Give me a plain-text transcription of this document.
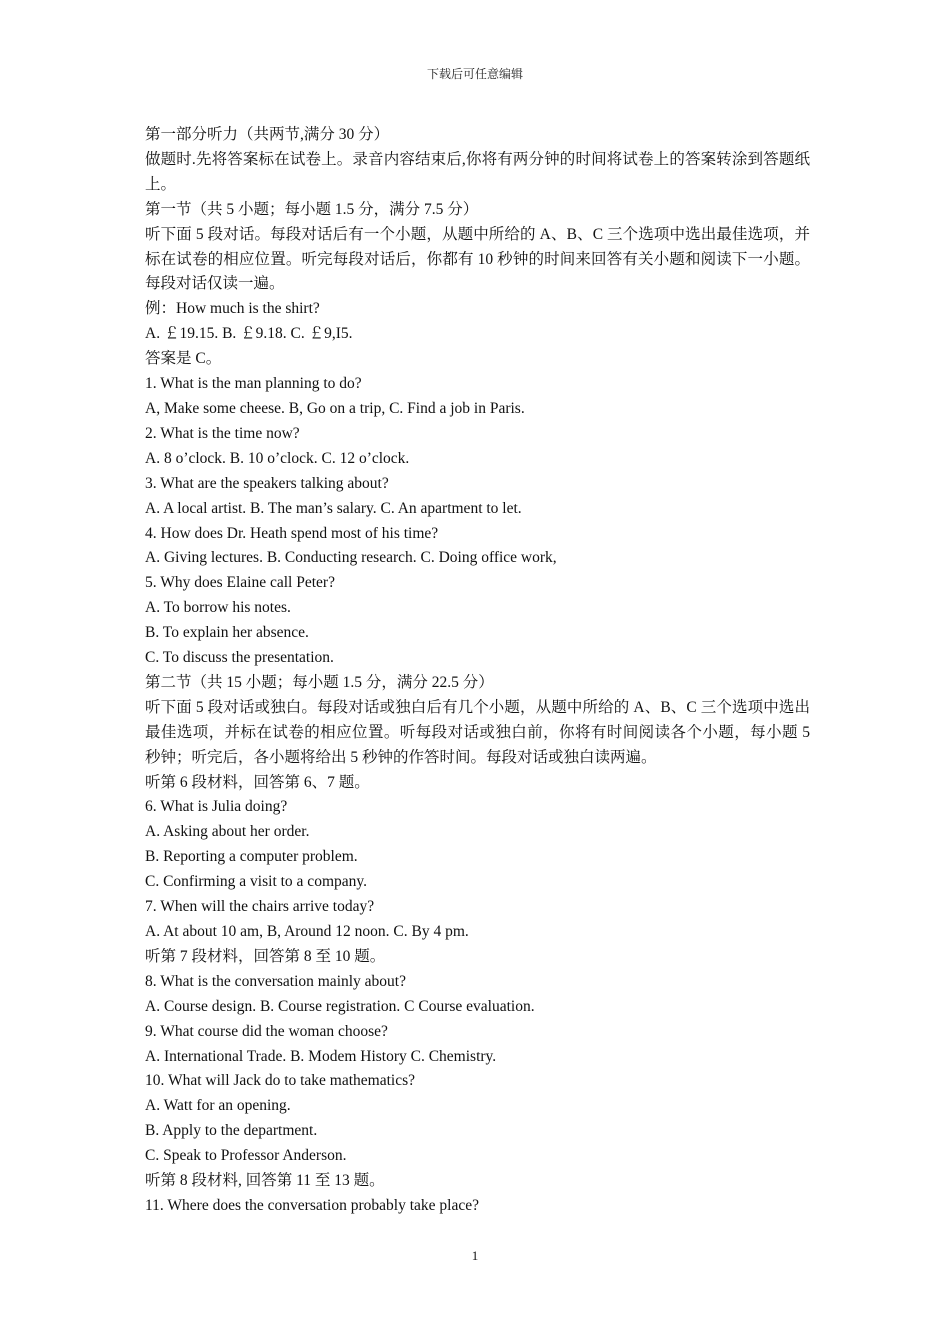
下载后可任意编辑
第一部分听力（共两节,满分 30 分）
做题时.先将答案标在试卷上。录音内容结束后,你将有两分钟的时间将试卷上的答案转涂到答题纸上。
第一节（共 5 小题；每小题 1.5 分，满分 7.5 分）
听下面 5 段对话。每段对话后有一个小题，从题中所给的 A、B、C 三个选项中选出最佳选项，并标在试卷的相应位置。听完每段对话后，你都有 10 秒钟的时间来回答有关小题和阅读下一小题。每段对话仅读一遍。
例：How much is the shirt?
A. ￡19.15. B. ￡9.18. C. ￡9,I5.
答案是 C。
1. What is the man planning to do?
A, Make some cheese. B, Go on a trip, C. Find a job in Paris.
2. What is the time now?
A. 8 o’clock. B. 10 o’clock. C. 12 o’clock.
3. What are the speakers talking about?
A. A local artist. B. The man’s salary. C. An apartment to let.
4. How does Dr. Heath spend most of his time?
A. Giving lectures. B. Conducting research. C. Doing office work,
5. Why does Elaine call Peter?
A. To borrow his notes.
B. To explain her absence.
C. To discuss the presentation.
第二节（共 15 小题；每小题 1.5 分，满分 22.5 分）
听下面 5 段对话或独白。每段对话或独白后有几个小题，从题中所给的 A、B、C 三个选项中选出最佳选项，并标在试卷的相应位置。听每段对话或独白前，你将有时间阅读各个小题，每小题 5 秒钟；听完后，各小题将给出 5 秒钟的作答时间。每段对话或独白读两遍。
听第 6 段材料，回答第 6、7 题。
6. What is Julia doing?
A. Asking about her order.
B. Reporting a computer problem.
C. Confirming a visit to a company.
7. When will the chairs arrive today?
A. At about 10 am, B, Around 12 noon. C. By 4 pm.
听第 7 段材料，回答第 8 至 10 题。
8. What is the conversation mainly about?
A. Course design. B. Course registration. C Course evaluation.
9. What course did the woman choose?
A. International Trade. B. Modem History C. Chemistry.
10. What will Jack do to take mathematics?
A. Watt for an opening.
B. Apply to the department.
C. Speak to Professor Anderson.
听第 8 段材料, 回答第 11 至 13 题。
11. Where does the conversation probably take place?
1
